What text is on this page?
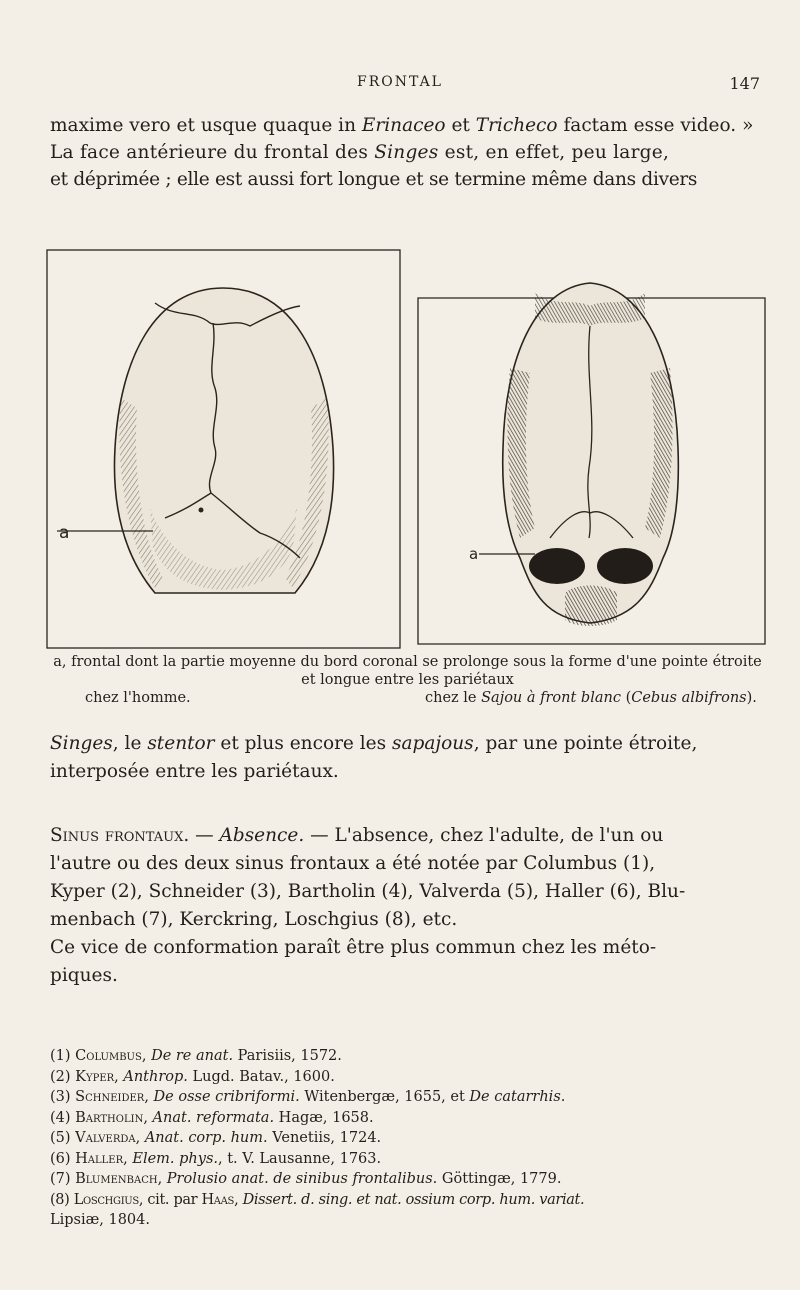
FRONTAL	147
maxime vero et usque quaque in Erinaceo et Tricheco factam esse video. »
La face antérieure du frontal des Singes est, en effet, peu large,
et déprimée ; elle est aussi fort longue et se termine même dans divers
a
a
a, frontal dont la partie moyenne du bord coronal se prolonge sous la forme d'une pointe étroite
et longue entre les pariétaux
chez l'homme.	chez le Sajou à front blanc (Cebus albifrons).
Singes, le stentor et plus encore les sapajous, par une pointe étroite,
interposée entre les pariétaux.
Sinus frontaux. — Absence. — L'absence, chez l'adulte, de l'un ou
l'autre ou des deux sinus frontaux a été notée par Columbus (1),
Kyper (2), Schneider (3), Bartholin (4), Valverda (5), Haller (6), Blu-
menbach (7), Kerckring, Loschgius (8), etc.
Ce vice de conformation paraît être plus commun chez les méto-
piques.
(1) Columbus, De re anat. Parisiis, 1572.
(2) Kyper, Anthrop. Lugd. Batav., 1600.
(3) Schneider, De osse cribriformi. Witenbergæ, 1655, et De catarrhis.
(4) Bartholin, Anat. reformata. Hagæ, 1658.
(5) Valverda, Anat. corp. hum. Venetiis, 1724.
(6) Haller, Elem. phys., t. V. Lausanne, 1763.
(7) Blumenbach, Prolusio anat. de sinibus frontalibus. Göttingæ, 1779.
(8) Loschgius, cit. par Haas, Dissert. d. sing. et nat. ossium corp. hum. variat.
Lipsiæ, 1804.
